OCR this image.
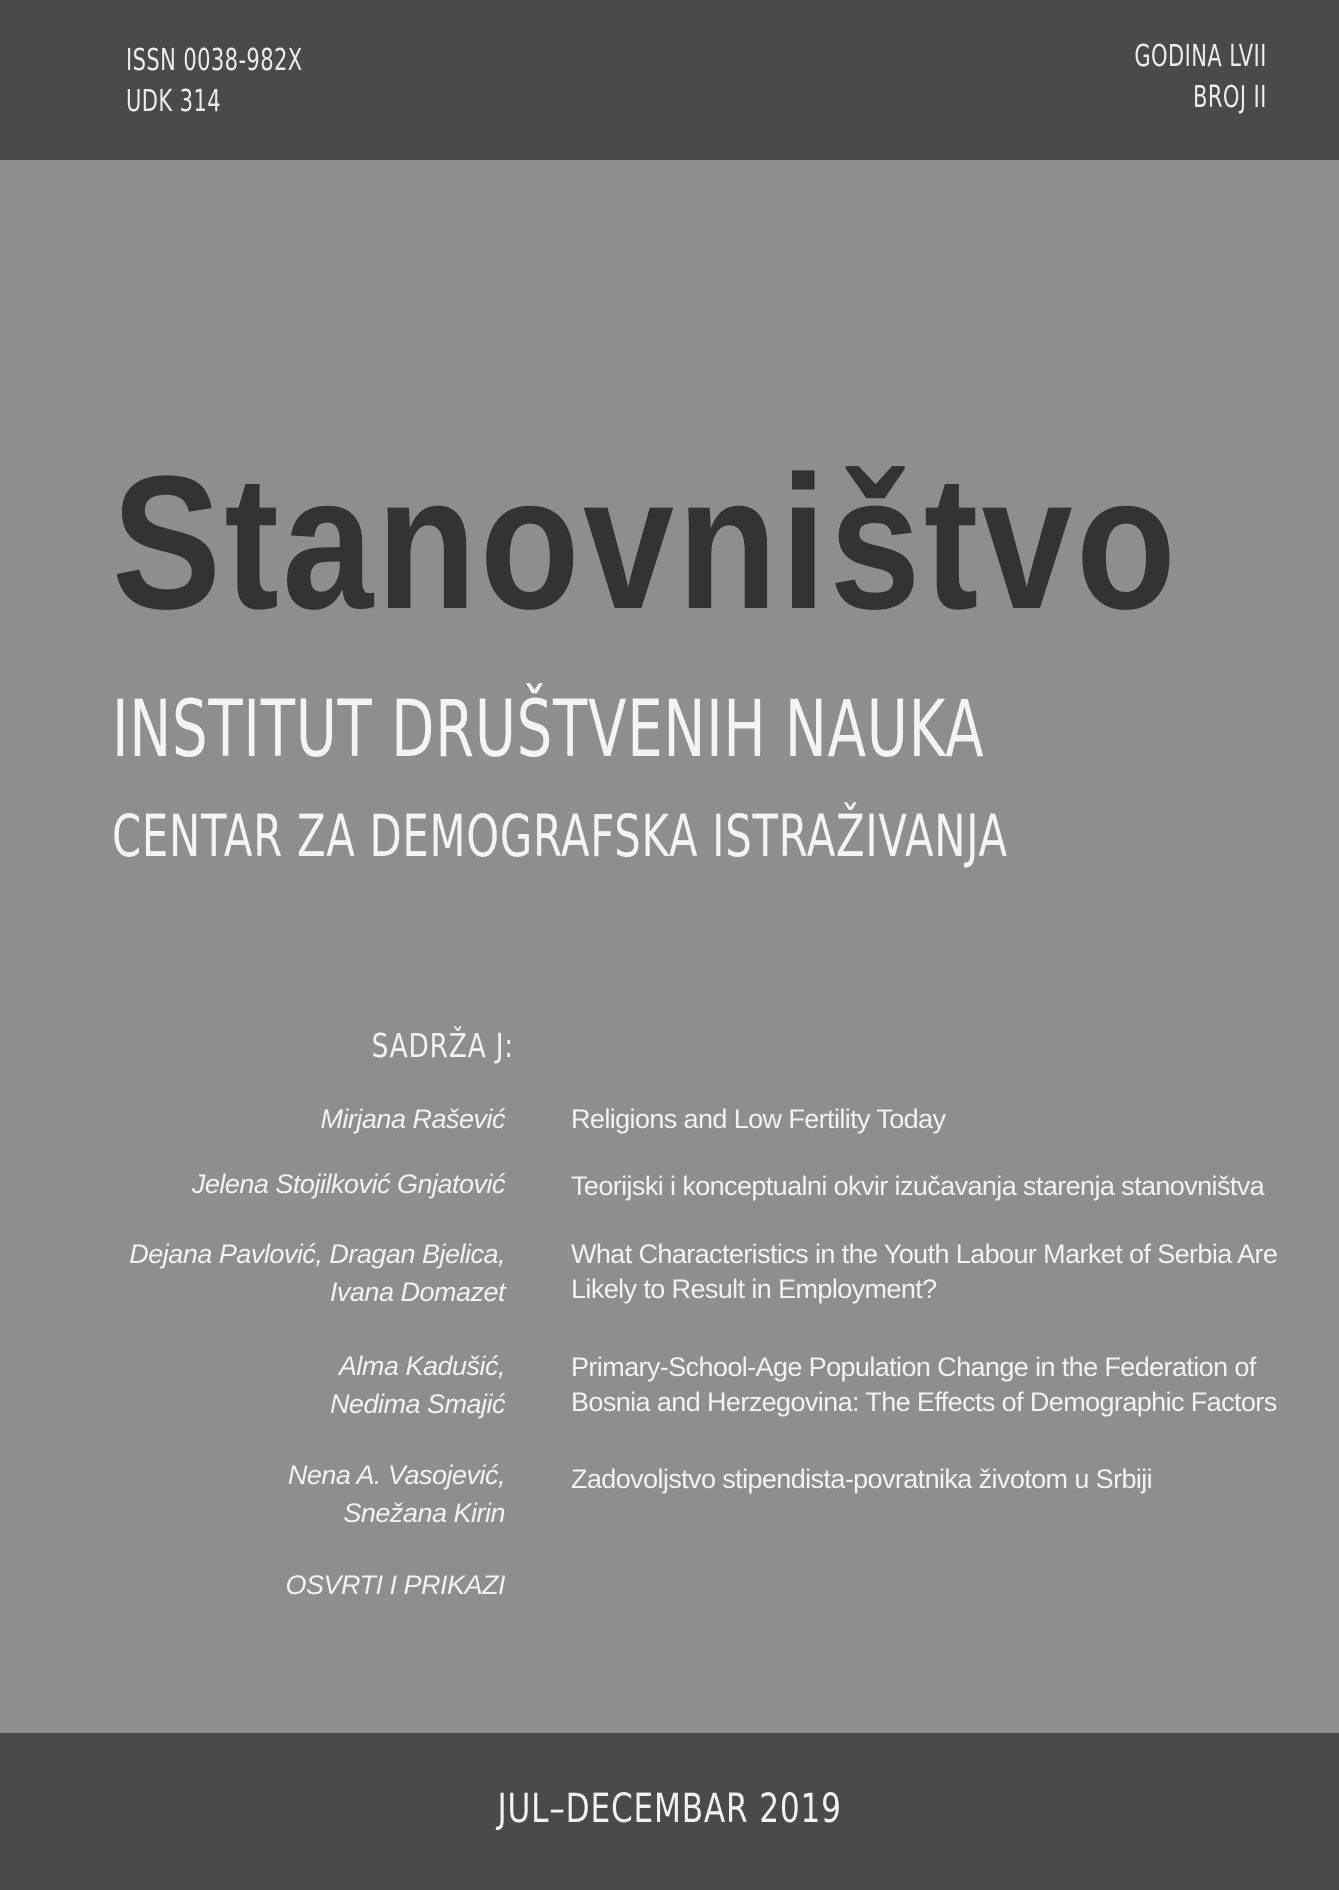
ISSN 0038-982X
UDK 314
GODINA LVII
BROJ II
Stanovništvo
INSTITUT DRUŠTVENIH NAUKA
CENTAR ZA DEMOGRAFSKA ISTRAŽIVANJA
SADRŽA J:
Mirjana Rašević
Jelena Stojilković Gnjatović
Dejana Pavlović, Dragan Bjelica,
Ivana Domazet
Alma Kadušić,
Nedima Smajić
Nena A. Vasojević,
Snežana Kirin
OSVRTI I PRIKAZI
Religions and Low Fertility Today
Teorijski i konceptualni okvir izučavanja starenja stanovništva
What Characteristics in the Youth Labour Market of Serbia Are
Likely to Result in Employment?
Primary-School-Age Population Change in the Federation of
Bosnia and Herzegovina: The Effects of Demographic Factors
Zadovoljstvo stipendista-povratnika životom u Srbiji
JUL–DECEMBAR 2019
